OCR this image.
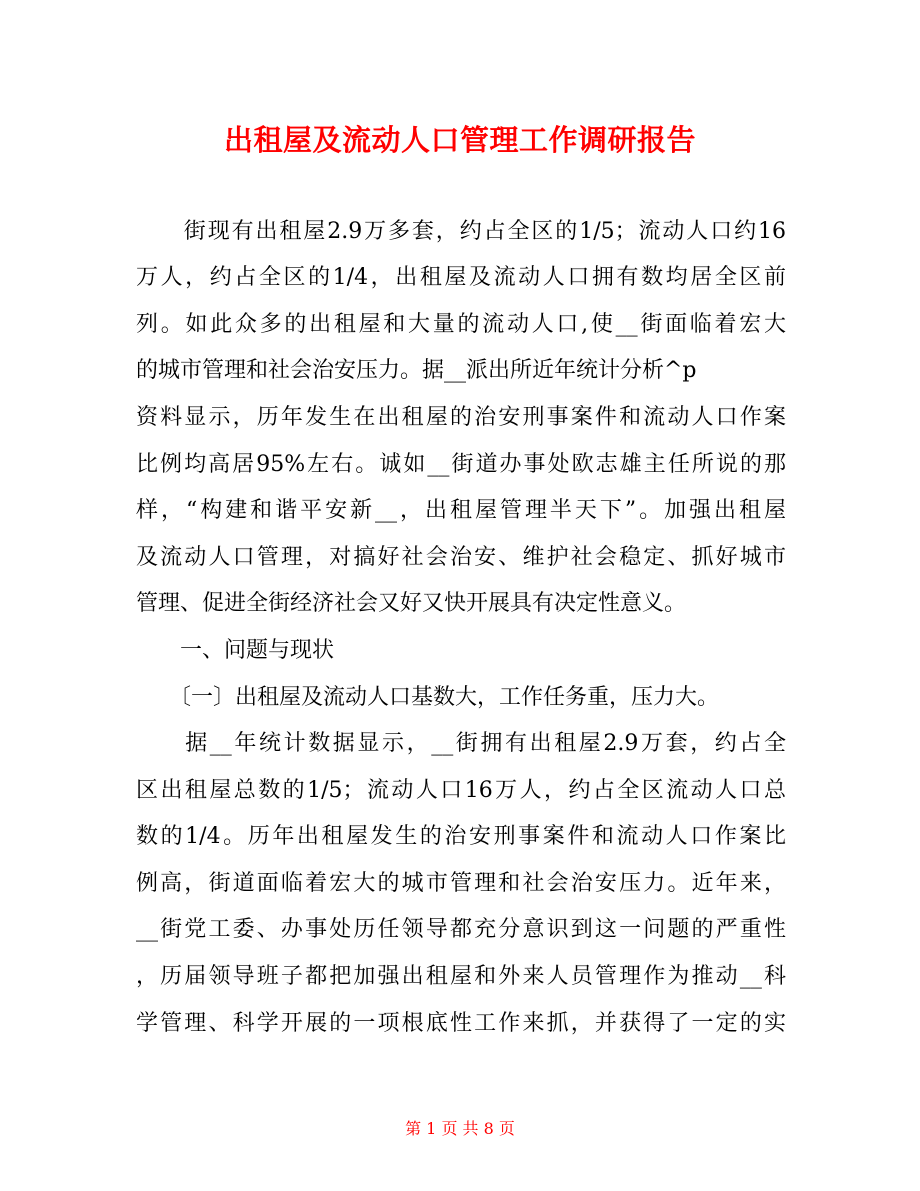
出租屋及流动人口管理工作调研报告
　　街现有出租屋2.9万多套，约占全区的1/5；流动人口约16
万人，约占全区的1/4，出租屋及流动人口拥有数均居全区前
列。如此众多的出租屋和大量的流动人口,使__街面临着宏大
的城市管理和社会治安压力。据__派出所近年统计分析^p
资料显示，历年发生在出租屋的治安刑事案件和流动人口作案
比例均高居95%左右。诚如__街道办事处欧志雄主任所说的那
样，“构建和谐平安新__，出租屋管理半天下”。加强出租屋
及流动人口管理，对搞好社会治安、维护社会稳定、抓好城市
管理、促进全街经济社会又好又快开展具有决定性意义。
　　一、问题与现状
　　〔一〕出租屋及流动人口基数大，工作任务重，压力大。
　　据__年统计数据显示，__街拥有出租屋2.9万套，约占全
区出租屋总数的1/5；流动人口16万人，约占全区流动人口总
数的1/4。历年出租屋发生的治安刑事案件和流动人口作案比
例高，街道面临着宏大的城市管理和社会治安压力。近年来，
__街党工委、办事处历任领导都充分意识到这一问题的严重性
，历届领导班子都把加强出租屋和外来人员管理作为推动__科
学管理、科学开展的一项根底性工作来抓，并获得了一定的实
第 1 页 共 8 页
